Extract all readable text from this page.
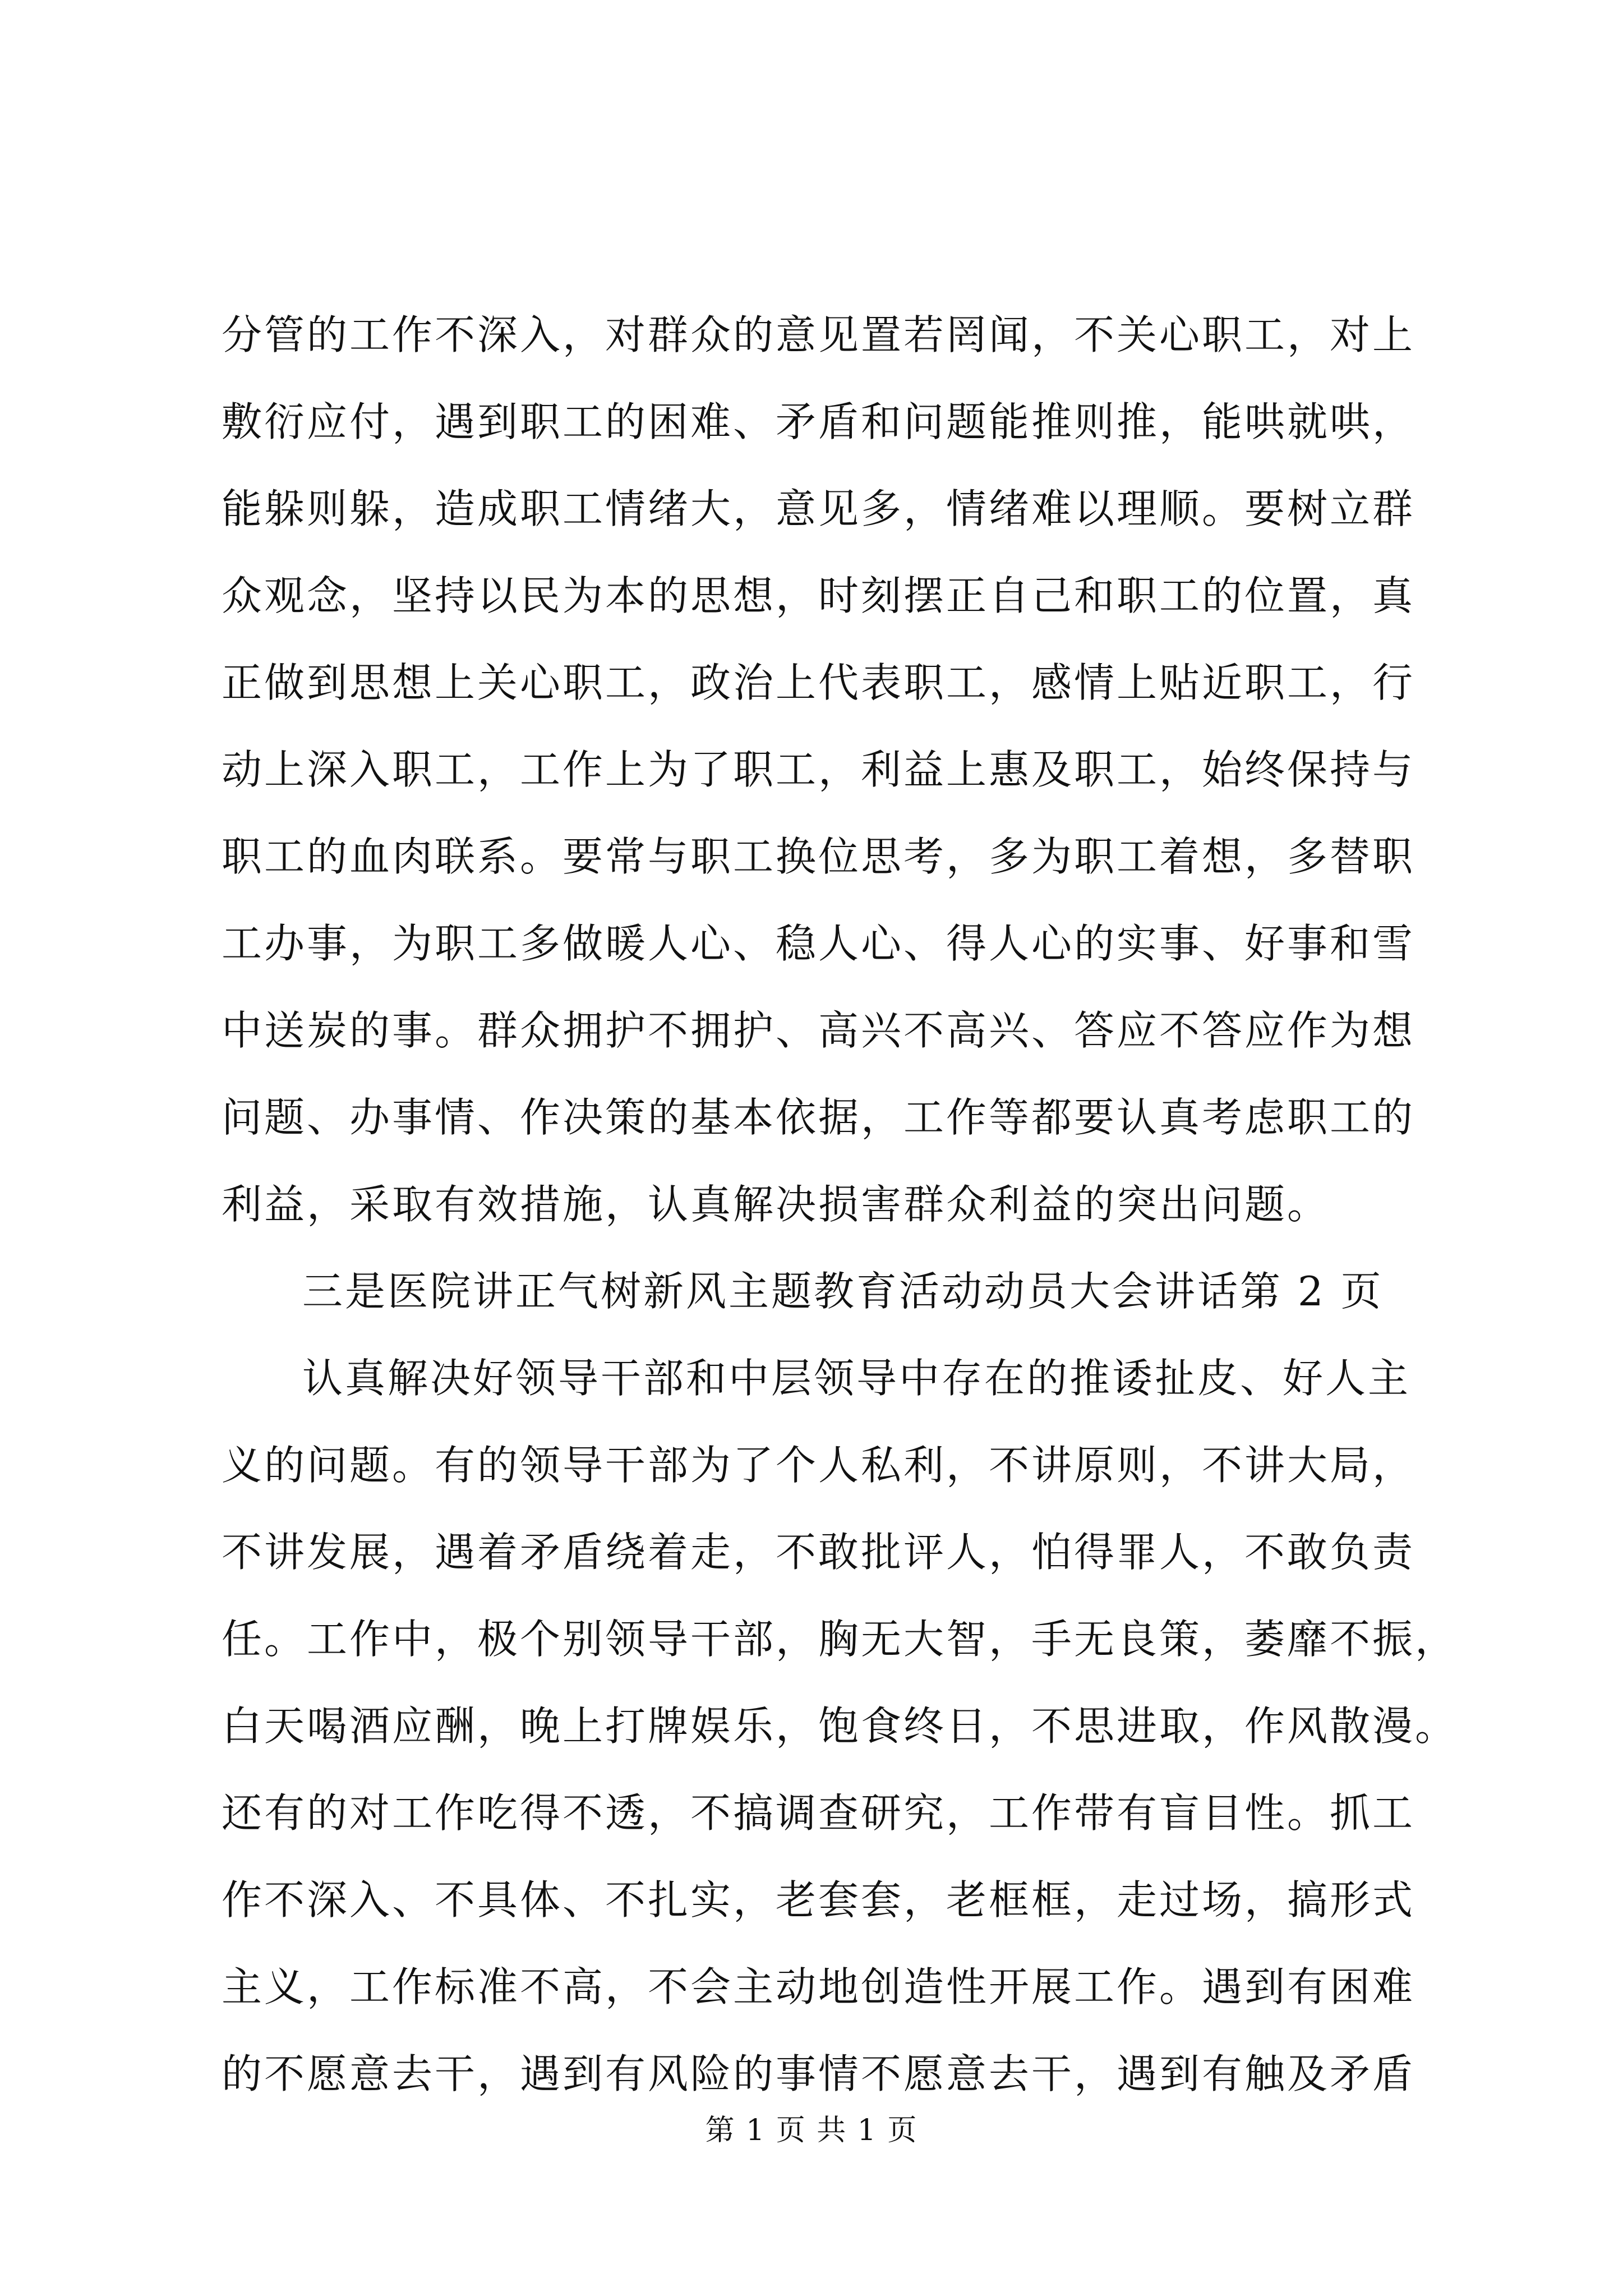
分管的工作不深入，对群众的意见置若罔闻，不关心职工，对上
敷衍应付，遇到职工的困难、矛盾和问题能推则推，能哄就哄，
能躲则躲，造成职工情绪大，意见多，情绪难以理顺。要树立群
众观念，坚持以民为本的思想，时刻摆正自己和职工的位置，真
正做到思想上关心职工，政治上代表职工，感情上贴近职工，行
动上深入职工，工作上为了职工，利益上惠及职工，始终保持与
职工的血肉联系。要常与职工换位思考，多为职工着想，多替职
工办事，为职工多做暖人心、稳人心、得人心的实事、好事和雪
中送炭的事。群众拥护不拥护、高兴不高兴、答应不答应作为想
问题、办事情、作决策的基本依据，工作等都要认真考虑职工的
利益，采取有效措施，认真解决损害群众利益的突出问题。
三是医院讲正气树新风主题教育活动动员大会讲话第 2 页
认真解决好领导干部和中层领导中存在的推诿扯皮、好人主
义的问题。有的领导干部为了个人私利，不讲原则，不讲大局，
不讲发展，遇着矛盾绕着走，不敢批评人，怕得罪人，不敢负责
任。工作中，极个别领导干部，胸无大智，手无良策，萎靡不振，
白天喝酒应酬，晚上打牌娱乐，饱食终日，不思进取，作风散漫。
还有的对工作吃得不透，不搞调查研究，工作带有盲目性。抓工
作不深入、不具体、不扎实，老套套，老框框，走过场，搞形式
主义，工作标准不高，不会主动地创造性开展工作。遇到有困难
的不愿意去干，遇到有风险的事情不愿意去干，遇到有触及矛盾
第 1 页 共 1 页
